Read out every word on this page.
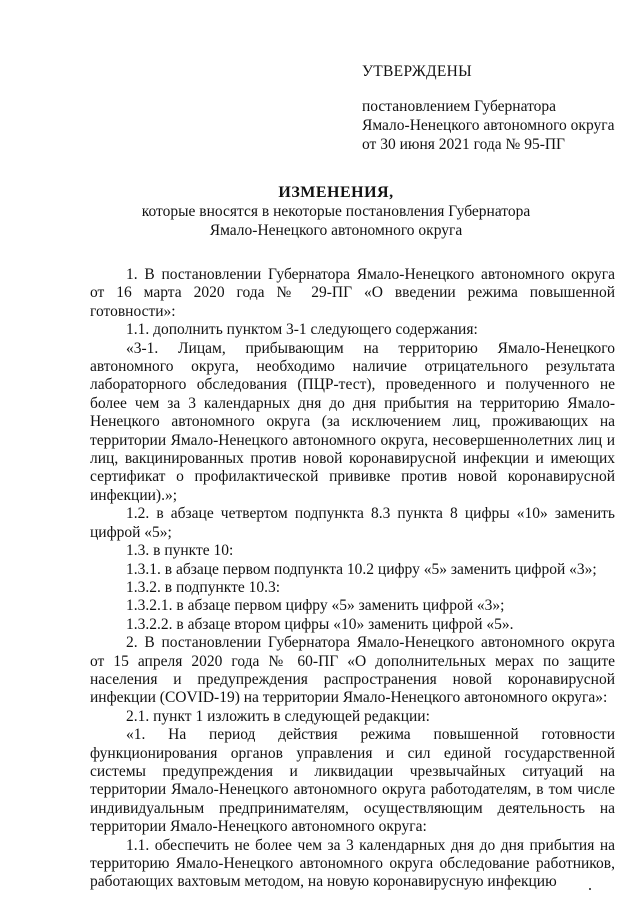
УТВЕРЖДЕНЫ
постановлением Губернатора
Ямало-Ненецкого автономного округа
от 30 июня 2021 года № 95-ПГ
ИЗМЕНЕНИЯ,
которые вносятся в некоторые постановления Губернатора
Ямало-Ненецкого автономного округа

1. В постановлении Губернатора Ямало-Ненецкого автономного округа от 16 марта 2020 года № 29-ПГ «О введении режима повышенной готовности»:

1.1. дополнить пунктом 3-1 следующего содержания:

«3-1. Лицам, прибывающим на территорию Ямало-Ненецкого автономного округа, необходимо наличие отрицательного результата лабораторного обследования (ПЦР-тест), проведенного и полученного не более чем за 3 календарных дня до дня прибытия на территорию Ямало-Ненецкого автономного округа (за исключением лиц, проживающих на территории Ямало-Ненецкого автономного округа, несовершеннолетних лиц и лиц, вакцинированных против новой коронавирусной инфекции и имеющих сертификат о профилактической прививке против новой коронавирусной инфекции).»;

1.2. в абзаце четвертом подпункта 8.3 пункта 8 цифры «10» заменить цифрой «5»;

1.3. в пункте 10:

1.3.1. в абзаце первом подпункта 10.2 цифру «5» заменить цифрой «3»;

1.3.2. в подпункте 10.3:

1.3.2.1. в абзаце первом цифру «5» заменить цифрой «3»;

1.3.2.2. в абзаце втором цифры «10» заменить цифрой «5».

2. В постановлении Губернатора Ямало-Ненецкого автономного округа от 15 апреля 2020 года № 60-ПГ «О дополнительных мерах по защите населения и предупреждения распространения новой коронавирусной инфекции (COVID-19) на территории Ямало-Ненецкого автономного округа»:

2.1. пункт 1 изложить в следующей редакции:

«1. На период действия режима повышенной готовности функционирования органов управления и сил единой государственной системы предупреждения и ликвидации чрезвычайных ситуаций на территории Ямало-Ненецкого автономного округа работодателям, в том числе индивидуальным предпринимателям, осуществляющим деятельность на территории Ямало-Ненецкого автономного округа:

1.1. обеспечить не более чем за 3 календарных дня до дня прибытия на территорию Ямало-Ненецкого автономного округа обследование работников, работающих вахтовым методом, на новую коронавирусную инфекцию
